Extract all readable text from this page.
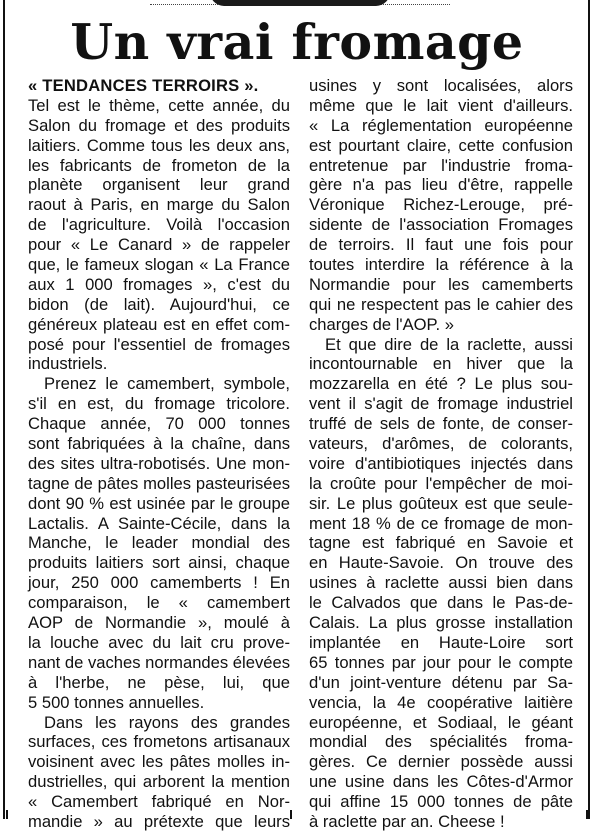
Un vrai fromage
« TENDANCES TERROIRS ».
Tel est le thème, cette année, du
Salon du fromage et des produits
laitiers. Comme tous les deux ans,
les fabricants de frometon de la
planète organisent leur grand
raout à Paris, en marge du Salon
de l'agriculture. Voilà l'occasion
pour « Le Canard » de rappeler
que, le fameux slogan « La France
aux 1 000 fromages », c'est du
bidon (de lait). Aujourd'hui, ce
généreux plateau est en effet com-
posé pour l'essentiel de fromages
industriels.
Prenez le camembert, symbole,
s'il en est, du fromage tricolore.
Chaque année, 70 000 tonnes
sont fabriquées à la chaîne, dans
des sites ultra-robotisés. Une mon-
tagne de pâtes molles pasteurisées
dont 90 % est usinée par le groupe
Lactalis. A Sainte-Cécile, dans la
Manche, le leader mondial des
produits laitiers sort ainsi, chaque
jour, 250 000 camemberts ! En
comparaison, le « camembert
AOP de Normandie », moulé à
la louche avec du lait cru prove-
nant de vaches normandes élevées
à l'herbe, ne pèse, lui, que
5 500 tonnes annuelles.
Dans les rayons des grandes
surfaces, ces frometons artisanaux
voisinent avec les pâtes molles in-
dustrielles, qui arborent la mention
« Camembert fabriqué en Nor-
mandie » au prétexte que leurs
usines y sont localisées, alors
même que le lait vient d'ailleurs.
« La réglementation européenne
est pourtant claire, cette confusion
entretenue par l'industrie froma-
gère n'a pas lieu d'être, rappelle
Véronique Richez-Lerouge, pré-
sidente de l'association Fromages
de terroirs. Il faut une fois pour
toutes interdire la référence à la
Normandie pour les camemberts
qui ne respectent pas le cahier des
charges de l'AOP. »
Et que dire de la raclette, aussi
incontournable en hiver que la
mozzarella en été ? Le plus sou-
vent il s'agit de fromage industriel
truffé de sels de fonte, de conser-
vateurs, d'arômes, de colorants,
voire d'antibiotiques injectés dans
la croûte pour l'empêcher de moi-
sir. Le plus goûteux est que seule-
ment 18 % de ce fromage de mon-
tagne est fabriqué en Savoie et
en Haute-Savoie. On trouve des
usines à raclette aussi bien dans
le Calvados que dans le Pas-de-
Calais. La plus grosse installation
implantée en Haute-Loire sort
65 tonnes par jour pour le compte
d'un joint-venture détenu par Sa-
vencia, la 4e coopérative laitière
européenne, et Sodiaal, le géant
mondial des spécialités froma-
gères. Ce dernier possède aussi
une usine dans les Côtes-d'Armor
qui affine 15 000 tonnes de pâte
à raclette par an. Cheese !
